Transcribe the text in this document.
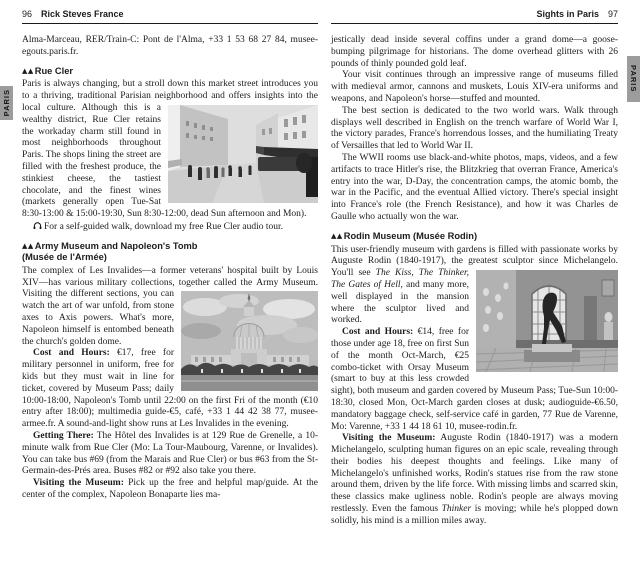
PARIS
PARIS
96 Rick Steves France

Alma-Marceau, RER/Train-C: Pont de l'Alma, +33 1 53 68 27 84, musee-egouts.paris.fr.

▲▲Rue Cler

Paris is always changing, but a stroll down this market street introduces you to a thriving, traditional Parisian neighborhood and offers insights into the local culture. Although this is a wealthy district, Rue Cler retains the workaday charm still found in most neighborhoods throughout Paris. The shops lining the street are filled with the freshest produce, the stinkiest cheese, the tastiest chocolate, and the finest wines (markets generally open Tue-Sat 8:30-13:00 & 15:00-19:30, Sun 8:30-12:00, dead Sun afternoon and Mon).

For a self-guided walk, download my free Rue Cler audio tour.

▲▲Army Museum and Napoleon's Tomb
(Musée de l'Armée)

The complex of Les Invalides—a former veterans' hospital built by Louis XIV—has various military collections, together called the Army Museum. Visiting the different sections, you can watch the art of war unfold, from stone axes to Axis powers. What's more, Napoleon himself is entombed beneath the church's golden dome.

Cost and Hours: €17, free for military personnel in uniform, free for kids but they must wait in line for ticket, covered by Museum Pass; daily 10:00-18:00, Napoleon's Tomb until 22:00 on the first Fri of the month (€10 entry after 18:00); multimedia guide-€5, café, +33 1 44 42 38 77, musee-armee.fr. A sound-and-light show runs at Les Invalides in the evening.

Getting There: The Hôtel des Invalides is at 129 Rue de Grenelle, a 10-minute walk from Rue Cler (Mo: La Tour-Maubourg, Varenne, or Invalides). You can take bus #69 (from the Marais and Rue Cler) or bus #63 from the St-Germain-des-Prés area. Buses #82 or #92 also take you there.

Visiting the Museum: Pick up the free and helpful map/guide. At the center of the complex, Napoleon Bonaparte lies ma-

Sights in Paris 97

jestically dead inside several coffins under a grand dome—a goose-bumping pilgrimage for historians. The dome overhead glitters with 26 pounds of thinly pounded gold leaf.

Your visit continues through an impressive range of museums filled with medieval armor, cannons and muskets, Louis XIV-era uniforms and weapons, and Napoleon's horse—stuffed and mounted.

The best section is dedicated to the two world wars. Walk through displays well described in English on the trench warfare of World War I, the victory parades, France's horrendous losses, and the humiliating Treaty of Versailles that led to World War II.

The WWII rooms use black-and-white photos, maps, videos, and a few artifacts to trace Hitler's rise, the Blitzkrieg that overran France, America's entry into the war, D-Day, the concentration camps, the atomic bomb, the war in the Pacific, and the eventual Allied victory. There's special insight into France's role (the French Resistance), and how it was Charles de Gaulle who actually won the war.

▲▲Rodin Museum (Musée Rodin)

This user-friendly museum with gardens is filled with passionate works by Auguste Rodin (1840-1917), the greatest sculptor since Michelangelo. You'll see The Kiss, The Thinker, The Gates of Hell, and many more, well displayed in the mansion where the sculptor lived and worked.

Cost and Hours: €14, free for those under age 18, free on first Sun of the month Oct-March, €25 combo-ticket with Orsay Museum (smart to buy at this less crowded sight), both museum and garden covered by Museum Pass; Tue-Sun 10:00-18:30, closed Mon, Oct-March garden closes at dusk; audioguide-€6.50, mandatory baggage check, self-service café in garden, 77 Rue de Varenne, Mo: Varenne, +33 1 44 18 61 10, musee-rodin.fr.

Visiting the Museum: Auguste Rodin (1840-1917) was a modern Michelangelo, sculpting human figures on an epic scale, revealing through their bodies his deepest thoughts and feelings. Like many of Michelangelo's unfinished works, Rodin's statues rise from the raw stone around them, driven by the life force. With missing limbs and scarred skin, these classics make ugliness noble. Rodin's people are always moving restlessly. Even the famous Thinker is moving; while he's plopped down solidly, his mind is a million miles away.
